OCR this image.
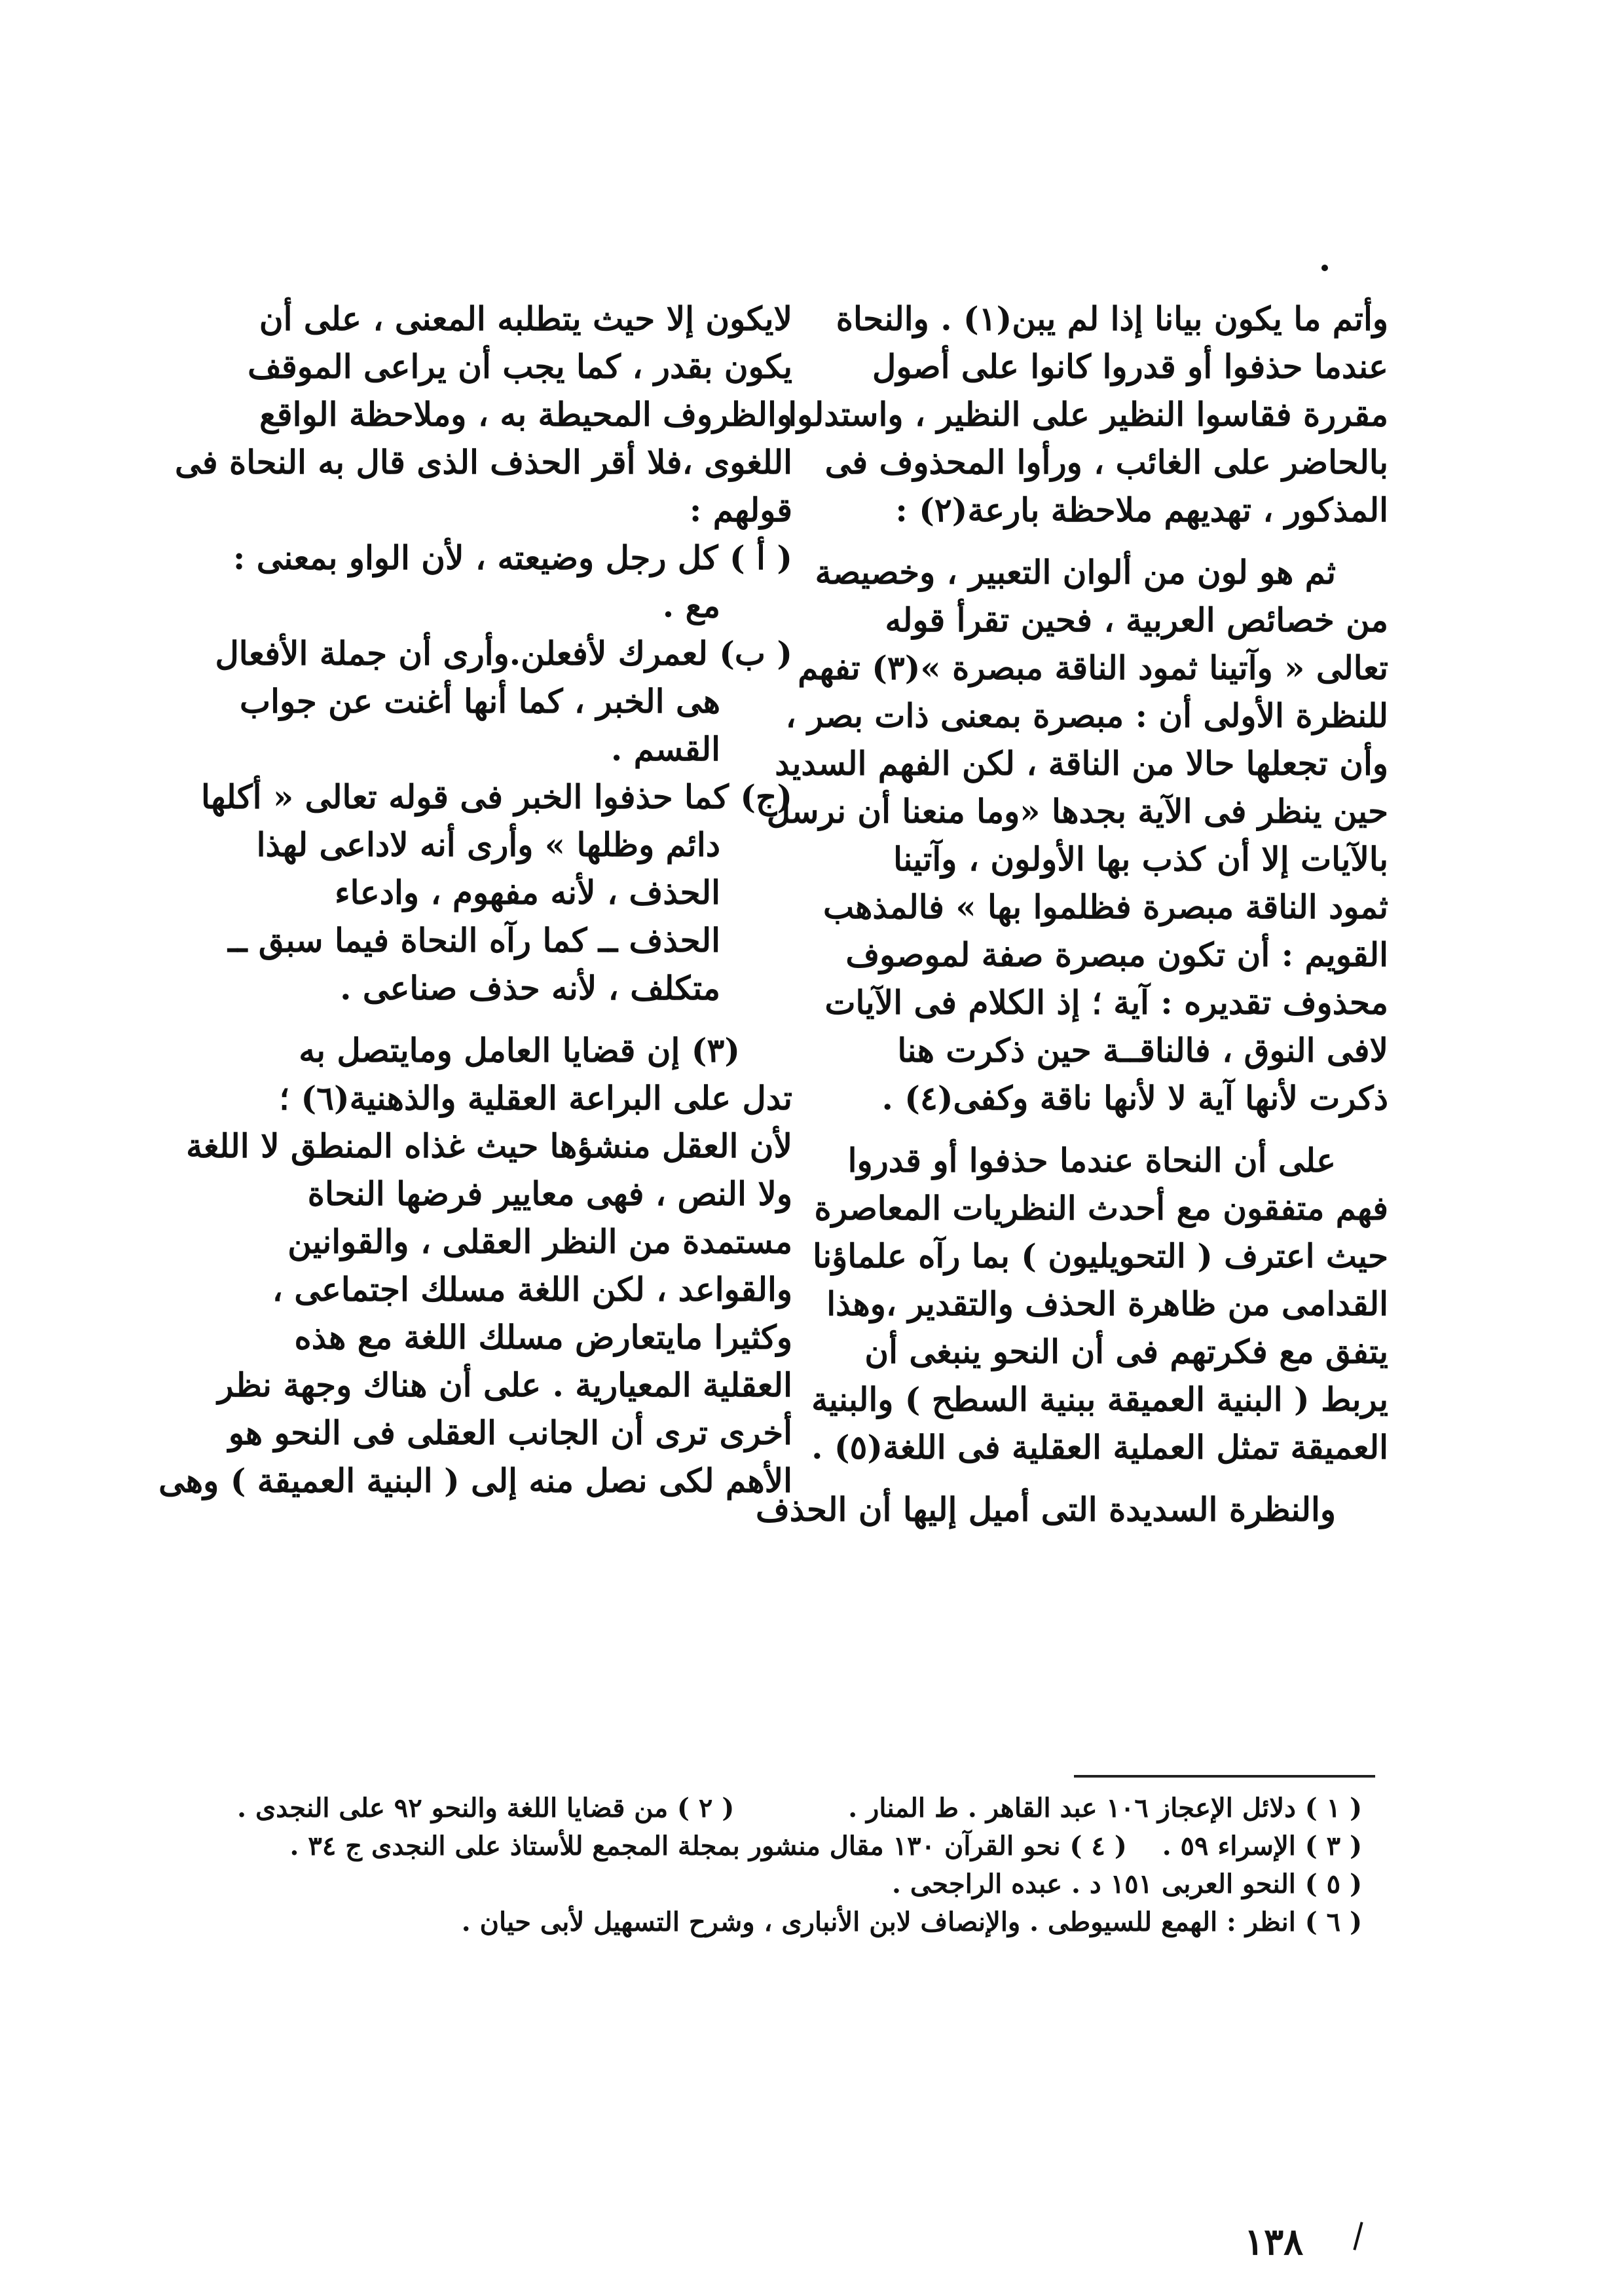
وأتم ما يكون بيانا إذا لم يبن(١) . والنحاة
عندما حذفوا أو قدروا كانوا على أصول
مقررة فقاسوا النظير على النظير ، واستدلوا
بالحاضر على الغائب ، ورأوا المحذوف فى
المذكور ، تهديهم ملاحظة بارعة(٢) :
ثم هو لون من ألوان التعبير ، وخصيصة
من خصائص العربية ، فحين تقرأ قوله
تعالى « وآتينا ثمود الناقة مبصرة »(٣) تفهم
للنظرة الأولى أن : مبصرة بمعنى ذات بصر ،
وأن تجعلها حالا من الناقة ، لكن الفهم السديد
حين ينظر فى الآية بجدها «وما منعنا أن نرسل
بالآيات إلا أن كذب بها الأولون ، وآتينا
ثمود الناقة مبصرة فظلموا بها » فالمذهب
القويم : أن تكون مبصرة صفة لموصوف
محذوف تقديره : آية ؛ إذ الكلام فى الآيات
لافى النوق ، فالناقــة حين ذكرت هنا
ذكرت لأنها آية لا لأنها ناقة وكفى(٤) .
على أن النحاة عندما حذفوا أو قدروا
فهم متفقون مع أحدث النظريات المعاصرة
حيث اعترف ( التحويليون ) بما رآه علماؤنا
القدامى من ظاهرة الحذف والتقدير ،وهذا
يتفق مع فكرتهم فى أن النحو ينبغى أن
يربط ( البنية العميقة ببنية السطح ) والبنية
العميقة تمثل العملية العقلية فى اللغة(٥) .
والنظرة السديدة التى أميل إليها أن الحذف
لايكون إلا حيث يتطلبه المعنى ، على أن
يكون بقدر ، كما يجب أن يراعى الموقف
والظروف المحيطة به ، وملاحظة الواقع
اللغوى ،فلا أقر الحذف الذى قال به النحاة فى
قولهم :
( أ ) كل رجل وضيعته ، لأن الواو بمعنى :
مع .
( ب) لعمرك لأفعلن.وأرى أن جملة الأفعال
هى الخبر ، كما أنها أغنت عن جواب
القسم .
(ج) كما حذفوا الخبر فى قوله تعالى « أكلها
دائم وظلها » وأرى أنه لاداعى لهذا
الحذف ، لأنه مفهوم ، وادعاء
الحذف ــ كما رآه النحاة فيما سبق ــ
متكلف ، لأنه حذف صناعى .
(٣) إن قضايا العامل ومايتصل به
تدل على البراعة العقلية والذهنية(٦) ؛
لأن العقل منشؤها حيث غذاه المنطق لا اللغة
ولا النص ، فهى معايير فرضها النحاة
مستمدة من النظر العقلى ، والقوانين
والقواعد ، لكن اللغة مسلك اجتماعى ،
وكثيرا مايتعارض مسلك اللغة مع هذه
العقلية المعيارية . على أن هناك وجهة نظر
أخرى ترى أن الجانب العقلى فى النحو هو
الأهم لكى نصل منه إلى ( البنية العميقة ) وهى
( ١ ) دلائل الإعجاز ١٠٦ عبد القاهر . ط المنار . ( ٢ ) من قضايا اللغة والنحو ٩٢ على النجدى .
( ٣ ) الإسراء ٥٩ . ( ٤ ) نحو القرآن ١٣٠ مقال منشور بمجلة المجمع للأستاذ على النجدى ج ٣٤ .
( ٥ ) النحو العربى ١٥١ د . عبده الراجحى .
( ٦ ) انظر : الهمع للسيوطى . والإنصاف لابن الأنبارى ، وشرح التسهيل لأبى حيان .
١٣٨
